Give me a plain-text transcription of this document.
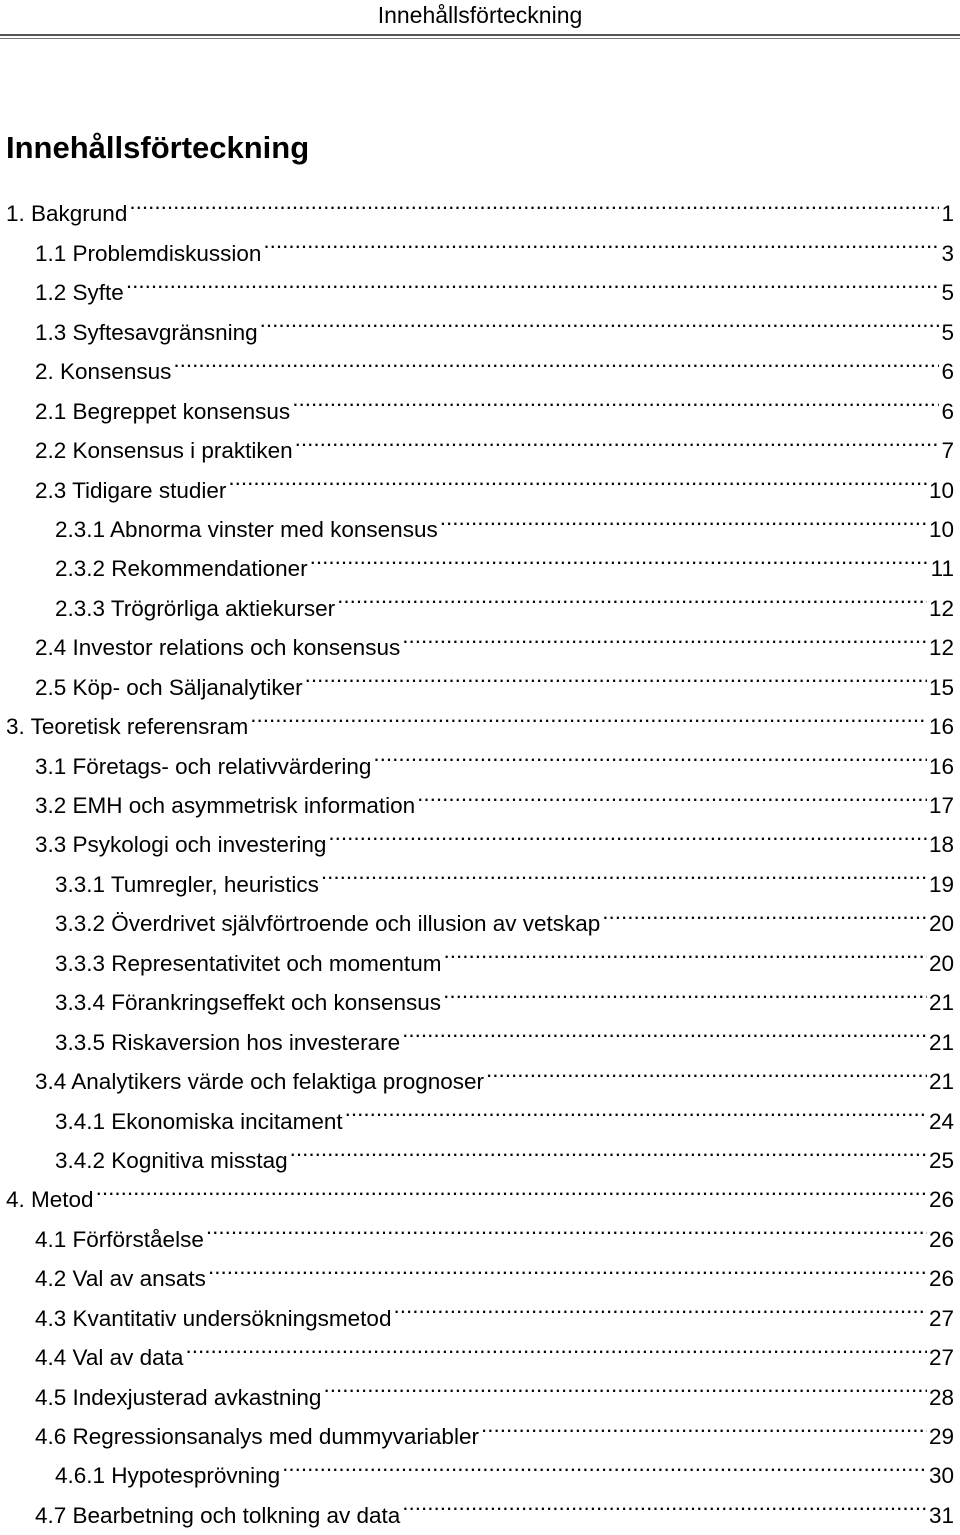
Innehållsförteckning
Innehållsförteckning
1. Bakgrund .....	1
1.1 Problemdiskussion .....	3
1.2 Syfte .....	5
1.3 Syftesavgränsning .....	5
2. Konsensus .....	6
2.1 Begreppet konsensus .....	6
2.2 Konsensus i praktiken .....	7
2.3 Tidigare studier .....	10
2.3.1 Abnorma vinster med konsensus .....	10
2.3.2 Rekommendationer .....	11
2.3.3 Trögrörliga aktiekurser .....	12
2.4 Investor relations och konsensus .....	12
2.5 Köp- och Säljanalytiker .....	15
3. Teoretisk referensram .....	16
3.1 Företags- och relativvärdering .....	16
3.2 EMH och asymmetrisk information .....	17
3.3 Psykologi och investering .....	18
3.3.1 Tumregler, heuristics .....	19
3.3.2 Överdrivet självförtroende och illusion av vetskap .....	20
3.3.3 Representativitet och momentum .....	20
3.3.4 Förankringseffekt och konsensus .....	21
3.3.5 Riskaversion hos investerare .....	21
3.4 Analytikers värde och felaktiga prognoser .....	21
3.4.1 Ekonomiska incitament .....	24
3.4.2 Kognitiva misstag .....	25
4. Metod .....	26
4.1 Förförståelse .....	26
4.2 Val av ansats .....	26
4.3 Kvantitativ undersökningsmetod .....	27
4.4 Val av data .....	27
4.5 Indexjusterad avkastning .....	28
4.6 Regressionsanalys med dummyvariabler .....	29
4.6.1 Hypotesprövning .....	30
4.7 Bearbetning och tolkning av data .....	31
